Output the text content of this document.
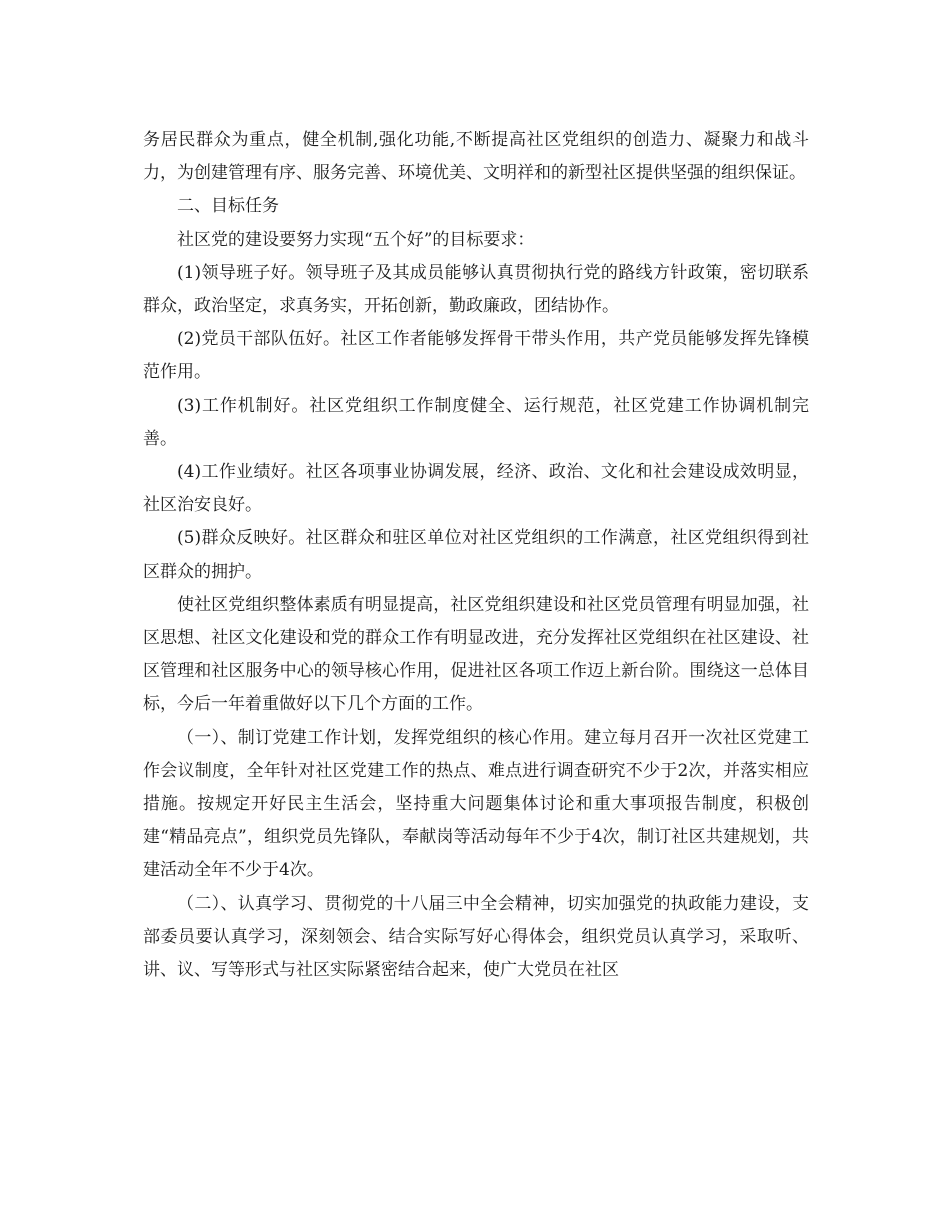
务居民群众为重点，健全机制,强化功能,不断提高社区党组织的创造力、凝聚力和战斗力，为创建管理有序、服务完善、环境优美、文明祥和的新型社区提供坚强的组织保证。

二、目标任务

社区党的建设要努力实现“五个好”的目标要求：

(1)领导班子好。领导班子及其成员能够认真贯彻执行党的路线方针政策，密切联系群众，政治坚定，求真务实，开拓创新，勤政廉政，团结协作。

(2)党员干部队伍好。社区工作者能够发挥骨干带头作用，共产党员能够发挥先锋模范作用。

(3)工作机制好。社区党组织工作制度健全、运行规范，社区党建工作协调机制完善。

(4)工作业绩好。社区各项事业协调发展，经济、政治、文化和社会建设成效明显，社区治安良好。

(5)群众反映好。社区群众和驻区单位对社区党组织的工作满意，社区党组织得到社区群众的拥护。

使社区党组织整体素质有明显提高，社区党组织建设和社区党员管理有明显加强，社区思想、社区文化建设和党的群众工作有明显改进，充分发挥社区党组织在社区建设、社区管理和社区服务中心的领导核心作用，促进社区各项工作迈上新台阶。围绕这一总体目标，今后一年着重做好以下几个方面的工作。

（一）、制订党建工作计划，发挥党组织的核心作用。建立每月召开一次社区党建工作会议制度，全年针对社区党建工作的热点、难点进行调查研究不少于2次，并落实相应措施。按规定开好民主生活会，坚持重大问题集体讨论和重大事项报告制度，积极创建“精品亮点”，组织党员先锋队，奉献岗等活动每年不少于4次，制订社区共建规划，共建活动全年不少于4次。

（二）、认真学习、贯彻党的十八届三中全会精神，切实加强党的执政能力建设，支部委员要认真学习，深刻领会、结合实际写好心得体会，组织党员认真学习，采取听、讲、议、写等形式与社区实际紧密结合起来，使广大党员在社区
